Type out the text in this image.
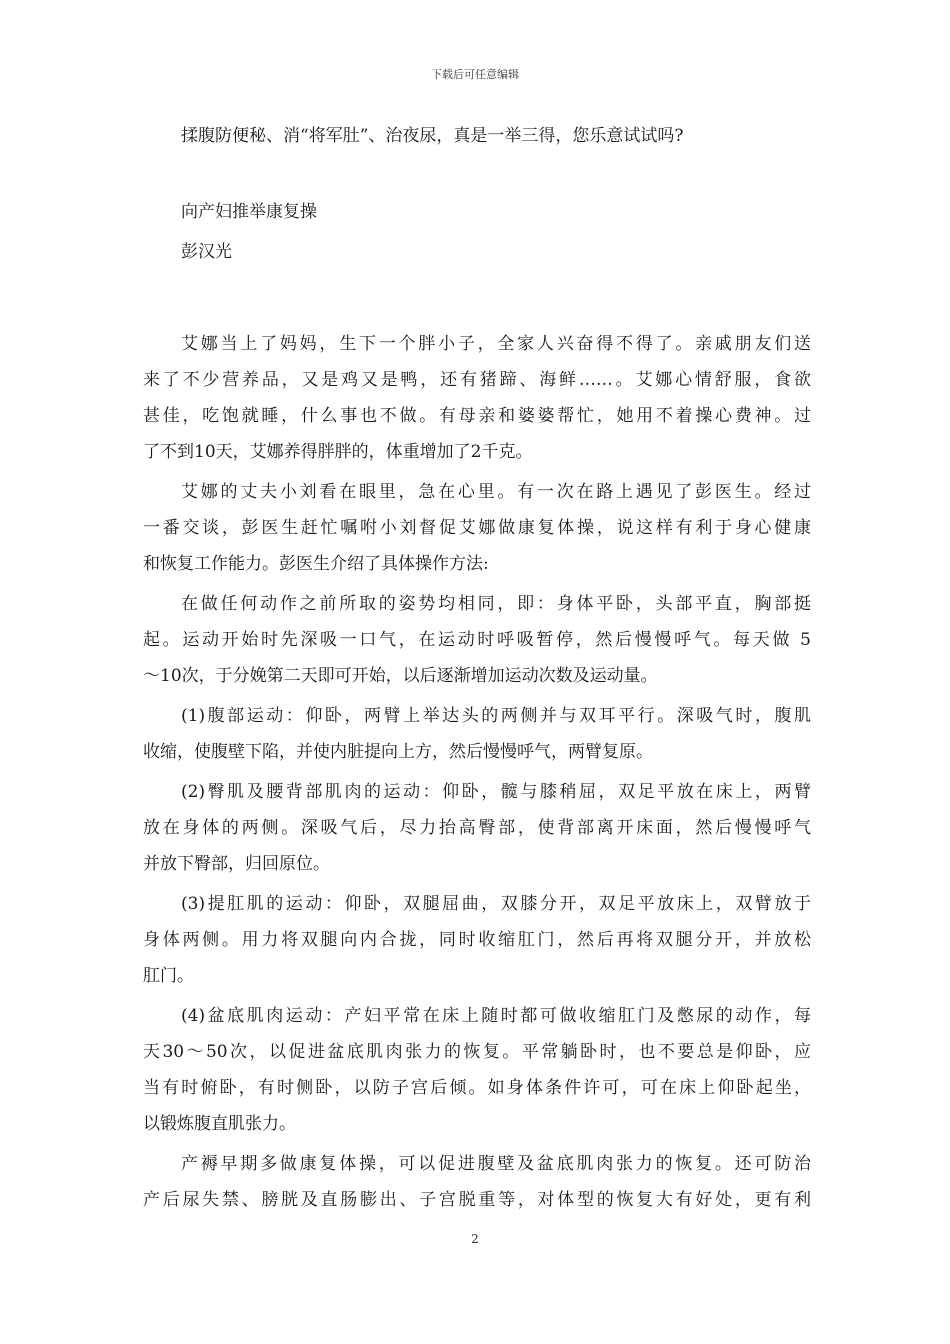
下载后可任意编辑
揉腹防便秘、消“将军肚”、治夜尿，真是一举三得，您乐意试试吗?
向产妇推举康复操
彭汉光
艾娜当上了妈妈，生下一个胖小子，全家人兴奋得不得了。亲戚朋友们送
来了不少营养品，又是鸡又是鸭，还有猪蹄、海鲜……。艾娜心情舒服，食欲
甚佳，吃饱就睡，什么事也不做。有母亲和婆婆帮忙，她用不着操心费神。过
了不到10天，艾娜养得胖胖的，体重增加了2千克。
艾娜的丈夫小刘看在眼里，急在心里。有一次在路上遇见了彭医生。经过
一番交谈，彭医生赶忙嘱咐小刘督促艾娜做康复体操，说这样有利于身心健康
和恢复工作能力。彭医生介绍了具体操作方法:
在做任何动作之前所取的姿势均相同，即：身体平卧，头部平直，胸部挺
起。运动开始时先深吸一口气，在运动时呼吸暂停，然后慢慢呼气。每天做 5
～10次，于分娩第二天即可开始，以后逐渐增加运动次数及运动量。
(1)腹部运动：仰卧，两臂上举达头的两侧并与双耳平行。深吸气时，腹肌
收缩，使腹壁下陷，并使内脏提向上方，然后慢慢呼气，两臂复原。
(2)臀肌及腰背部肌肉的运动：仰卧，髋与膝稍屈，双足平放在床上，两臂
放在身体的两侧。深吸气后，尽力抬高臀部，使背部离开床面，然后慢慢呼气
并放下臀部，归回原位。
(3)提肛肌的运动：仰卧，双腿屈曲，双膝分开，双足平放床上，双臂放于
身体两侧。用力将双腿向内合拢，同时收缩肛门，然后再将双腿分开，并放松
肛门。
(4)盆底肌肉运动：产妇平常在床上随时都可做收缩肛门及憋尿的动作，每
天30～50次，以促进盆底肌肉张力的恢复。平常躺卧时，也不要总是仰卧，应
当有时俯卧，有时侧卧，以防子宫后倾。如身体条件许可，可在床上仰卧起坐，
以锻炼腹直肌张力。
产褥早期多做康复体操，可以促进腹壁及盆底肌肉张力的恢复。还可防治
产后尿失禁、膀胱及直肠膨出、子宫脱重等，对体型的恢复大有好处，更有利
2
